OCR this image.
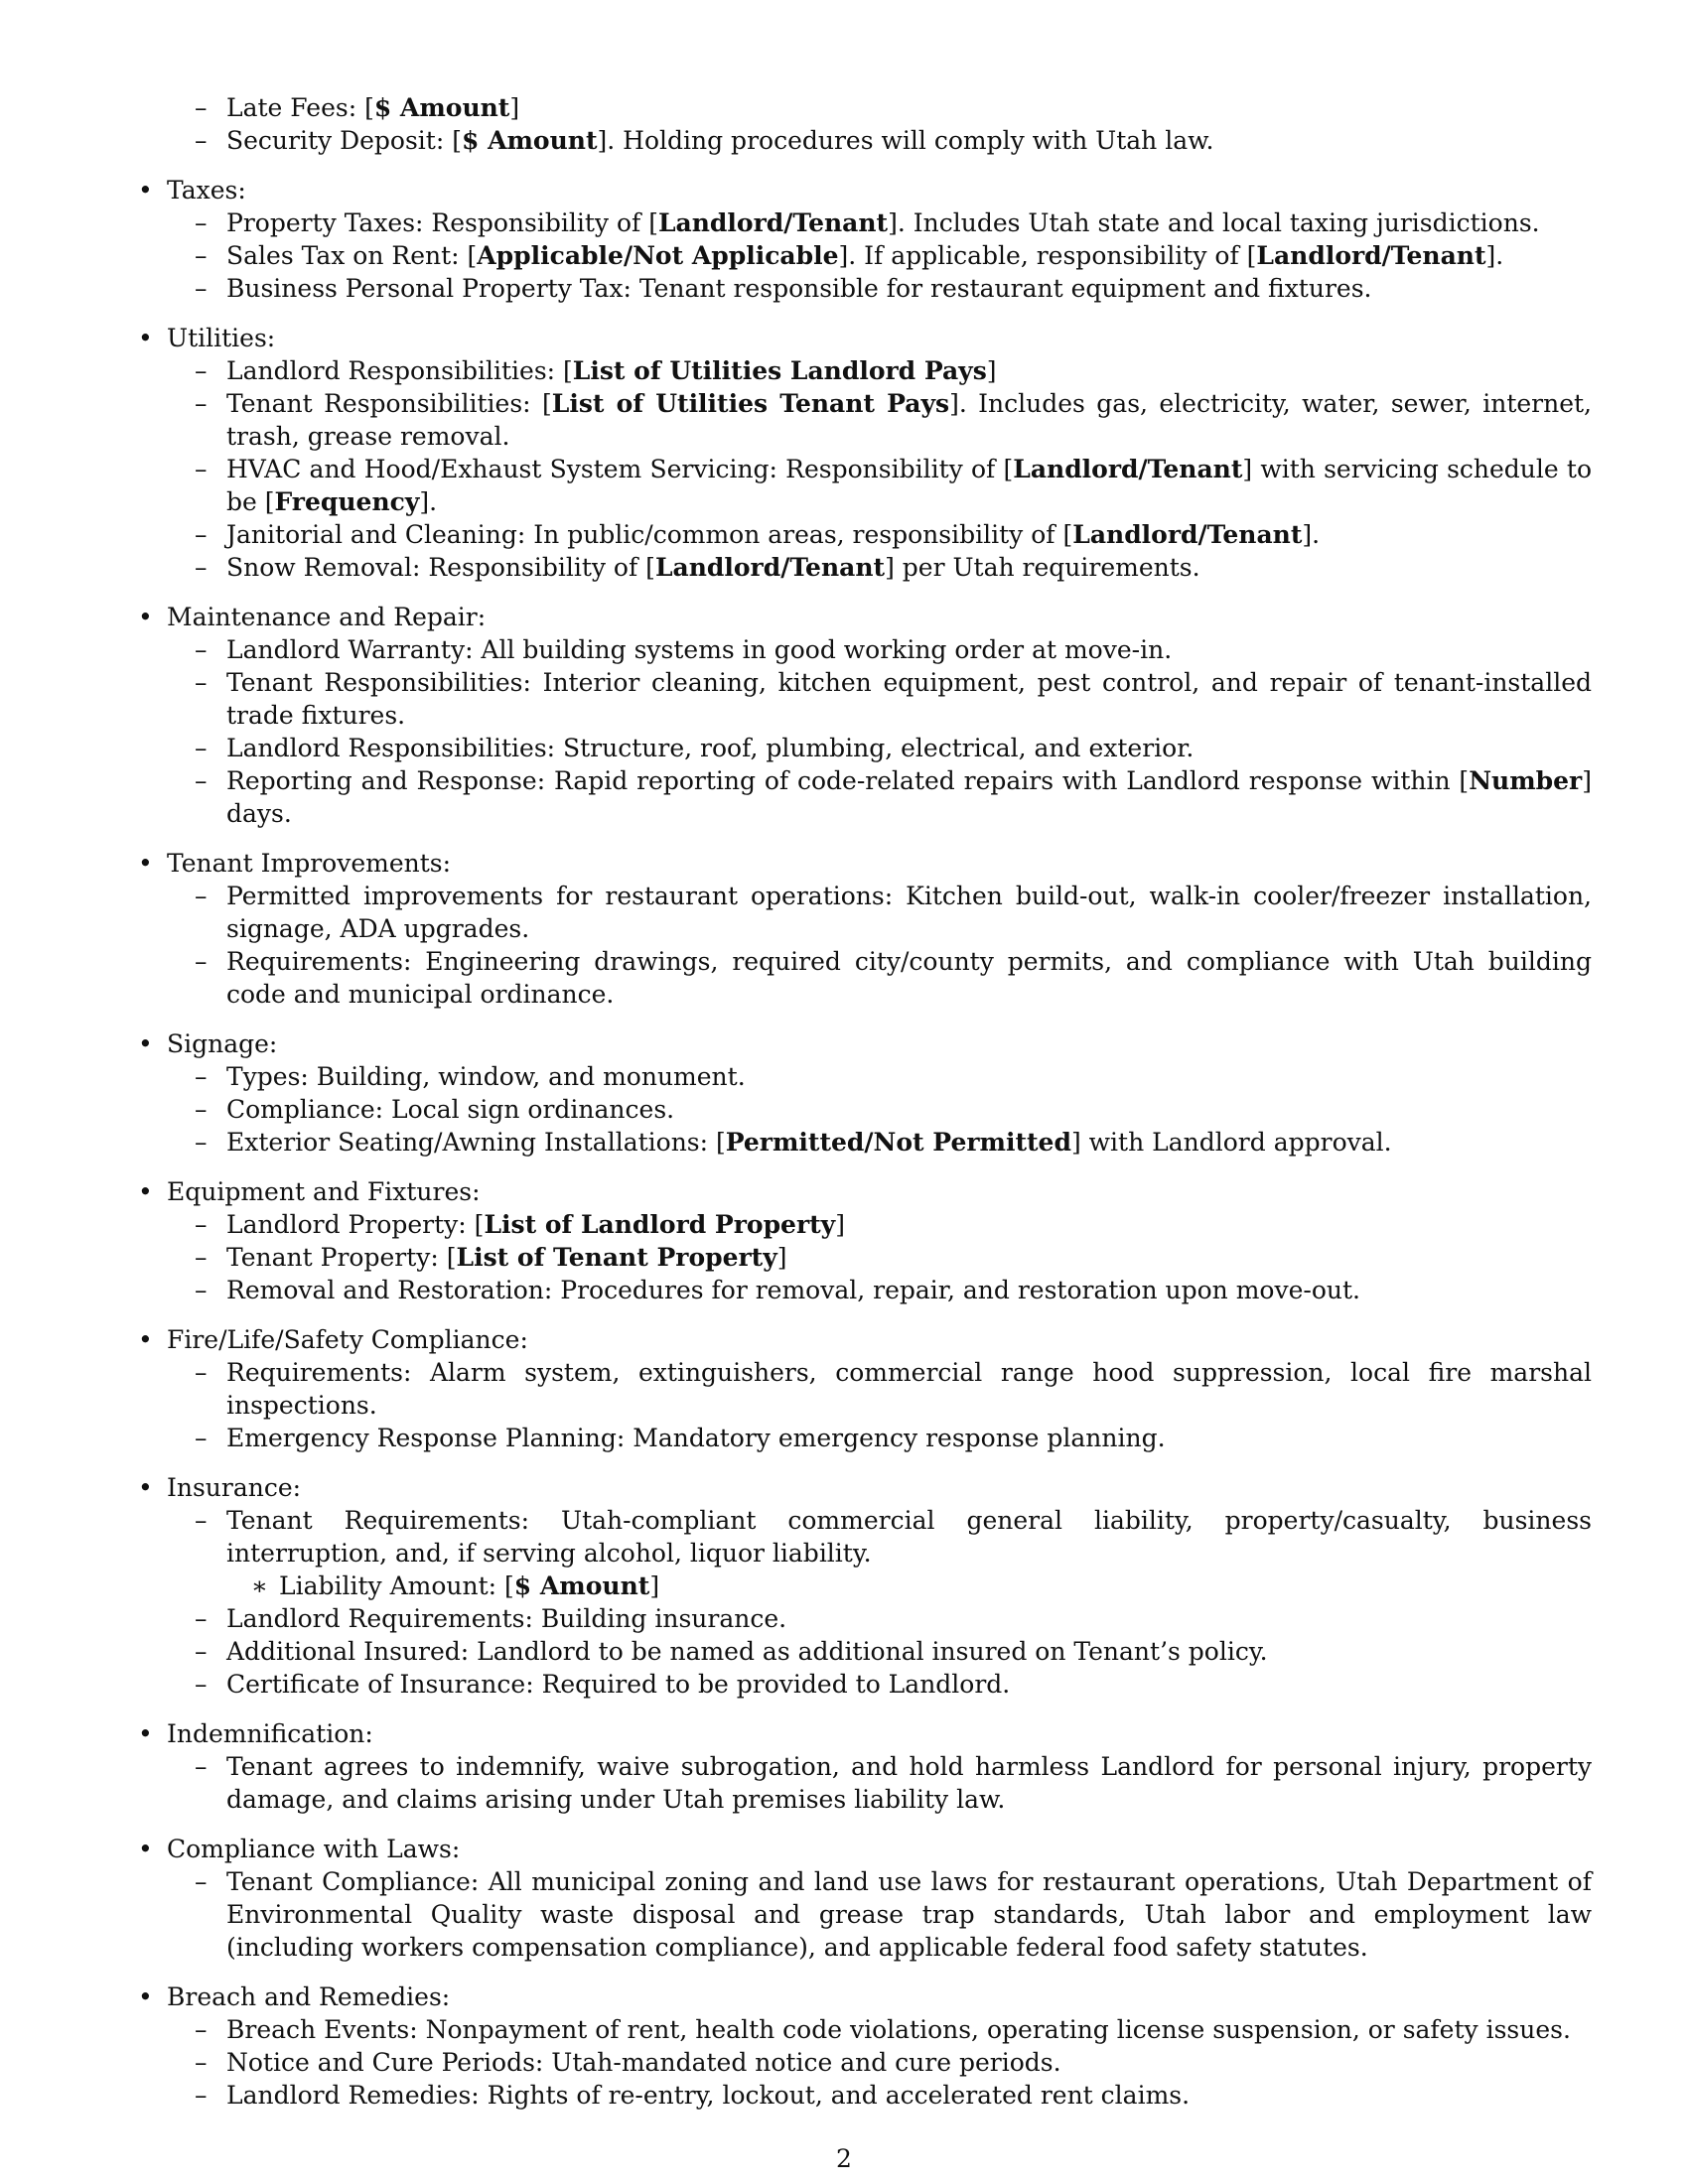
– Late Fees: [$ Amount]
– Security Deposit: [$ Amount]. Holding procedures will comply with Utah law.
• Taxes:
– Property Taxes: Responsibility of [Landlord/Tenant]. Includes Utah state and local taxing jurisdictions.
– Sales Tax on Rent: [Applicable/Not Applicable]. If applicable, responsibility of [Landlord/Tenant].
– Business Personal Property Tax: Tenant responsible for restaurant equipment and fixtures.
• Utilities:
– Landlord Responsibilities: [List of Utilities Landlord Pays]
– Tenant Responsibilities: [List of Utilities Tenant Pays]. Includes gas, electricity, water, sewer, internet, trash, grease removal.
– HVAC and Hood/Exhaust System Servicing: Responsibility of [Landlord/Tenant] with servicing schedule to be [Frequency].
– Janitorial and Cleaning: In public/common areas, responsibility of [Landlord/Tenant].
– Snow Removal: Responsibility of [Landlord/Tenant] per Utah requirements.
• Maintenance and Repair:
– Landlord Warranty: All building systems in good working order at move-in.
– Tenant Responsibilities: Interior cleaning, kitchen equipment, pest control, and repair of tenant-installed trade fixtures.
– Landlord Responsibilities: Structure, roof, plumbing, electrical, and exterior.
– Reporting and Response: Rapid reporting of code-related repairs with Landlord response within [Number] days.
• Tenant Improvements:
– Permitted improvements for restaurant operations: Kitchen build-out, walk-in cooler/freezer installation, signage, ADA upgrades.
– Requirements: Engineering drawings, required city/county permits, and compliance with Utah building code and municipal ordinance.
• Signage:
– Types: Building, window, and monument.
– Compliance: Local sign ordinances.
– Exterior Seating/Awning Installations: [Permitted/Not Permitted] with Landlord approval.
• Equipment and Fixtures:
– Landlord Property: [List of Landlord Property]
– Tenant Property: [List of Tenant Property]
– Removal and Restoration: Procedures for removal, repair, and restoration upon move-out.
• Fire/Life/Safety Compliance:
– Requirements: Alarm system, extinguishers, commercial range hood suppression, local fire marshal inspections.
– Emergency Response Planning: Mandatory emergency response planning.
• Insurance:
– Tenant Requirements: Utah-compliant commercial general liability, property/casualty, business interruption, and, if serving alcohol, liquor liability.
∗ Liability Amount: [$ Amount]
– Landlord Requirements: Building insurance.
– Additional Insured: Landlord to be named as additional insured on Tenant’s policy.
– Certificate of Insurance: Required to be provided to Landlord.
• Indemnification:
– Tenant agrees to indemnify, waive subrogation, and hold harmless Landlord for personal injury, property damage, and claims arising under Utah premises liability law.
• Compliance with Laws:
– Tenant Compliance: All municipal zoning and land use laws for restaurant operations, Utah Department of Environmental Quality waste disposal and grease trap standards, Utah labor and employment law (including workers compensation compliance), and applicable federal food safety statutes.
• Breach and Remedies:
– Breach Events: Nonpayment of rent, health code violations, operating license suspension, or safety issues.
– Notice and Cure Periods: Utah-mandated notice and cure periods.
– Landlord Remedies: Rights of re-entry, lockout, and accelerated rent claims.
2
